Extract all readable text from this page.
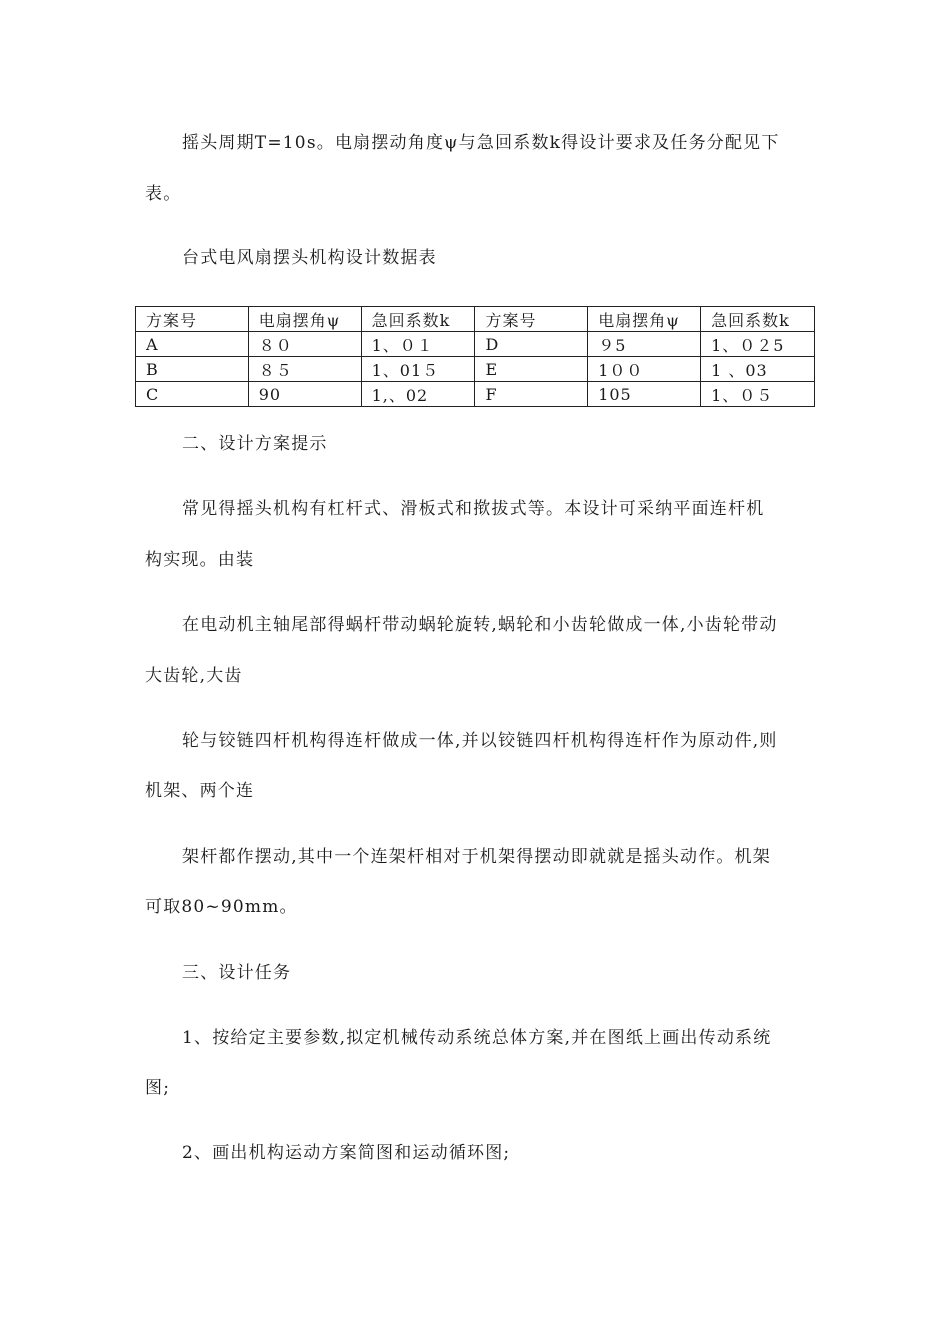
摇头周期T=10s。电扇摆动角度ψ与急回系数k得设计要求及任务分配见下
表。
台式电风扇摆头机构设计数据表
方案号	电扇摆角ψ	急回系数k	方案号	电扇摆角ψ	急回系数k
A	８０	1、０１	D	９5	1、０２5
B	８５	1、01５	E	1００	1 、03
C	90	1,、02	F	105	1、０５
二、设计方案提示
常见得摇头机构有杠杆式、滑板式和揿拔式等。本设计可采纳平面连杆机
构实现。由装
在电动机主轴尾部得蜗杆带动蜗轮旋转,蜗轮和小齿轮做成一体,小齿轮带动
大齿轮,大齿
轮与铰链四杆机构得连杆做成一体,并以铰链四杆机构得连杆作为原动件,则
机架、两个连
架杆都作摆动,其中一个连架杆相对于机架得摆动即就就是摇头动作。机架
可取80~90mm。
三、设计任务
1、按给定主要参数,拟定机械传动系统总体方案,并在图纸上画出传动系统
图;
2、画出机构运动方案简图和运动循环图;
